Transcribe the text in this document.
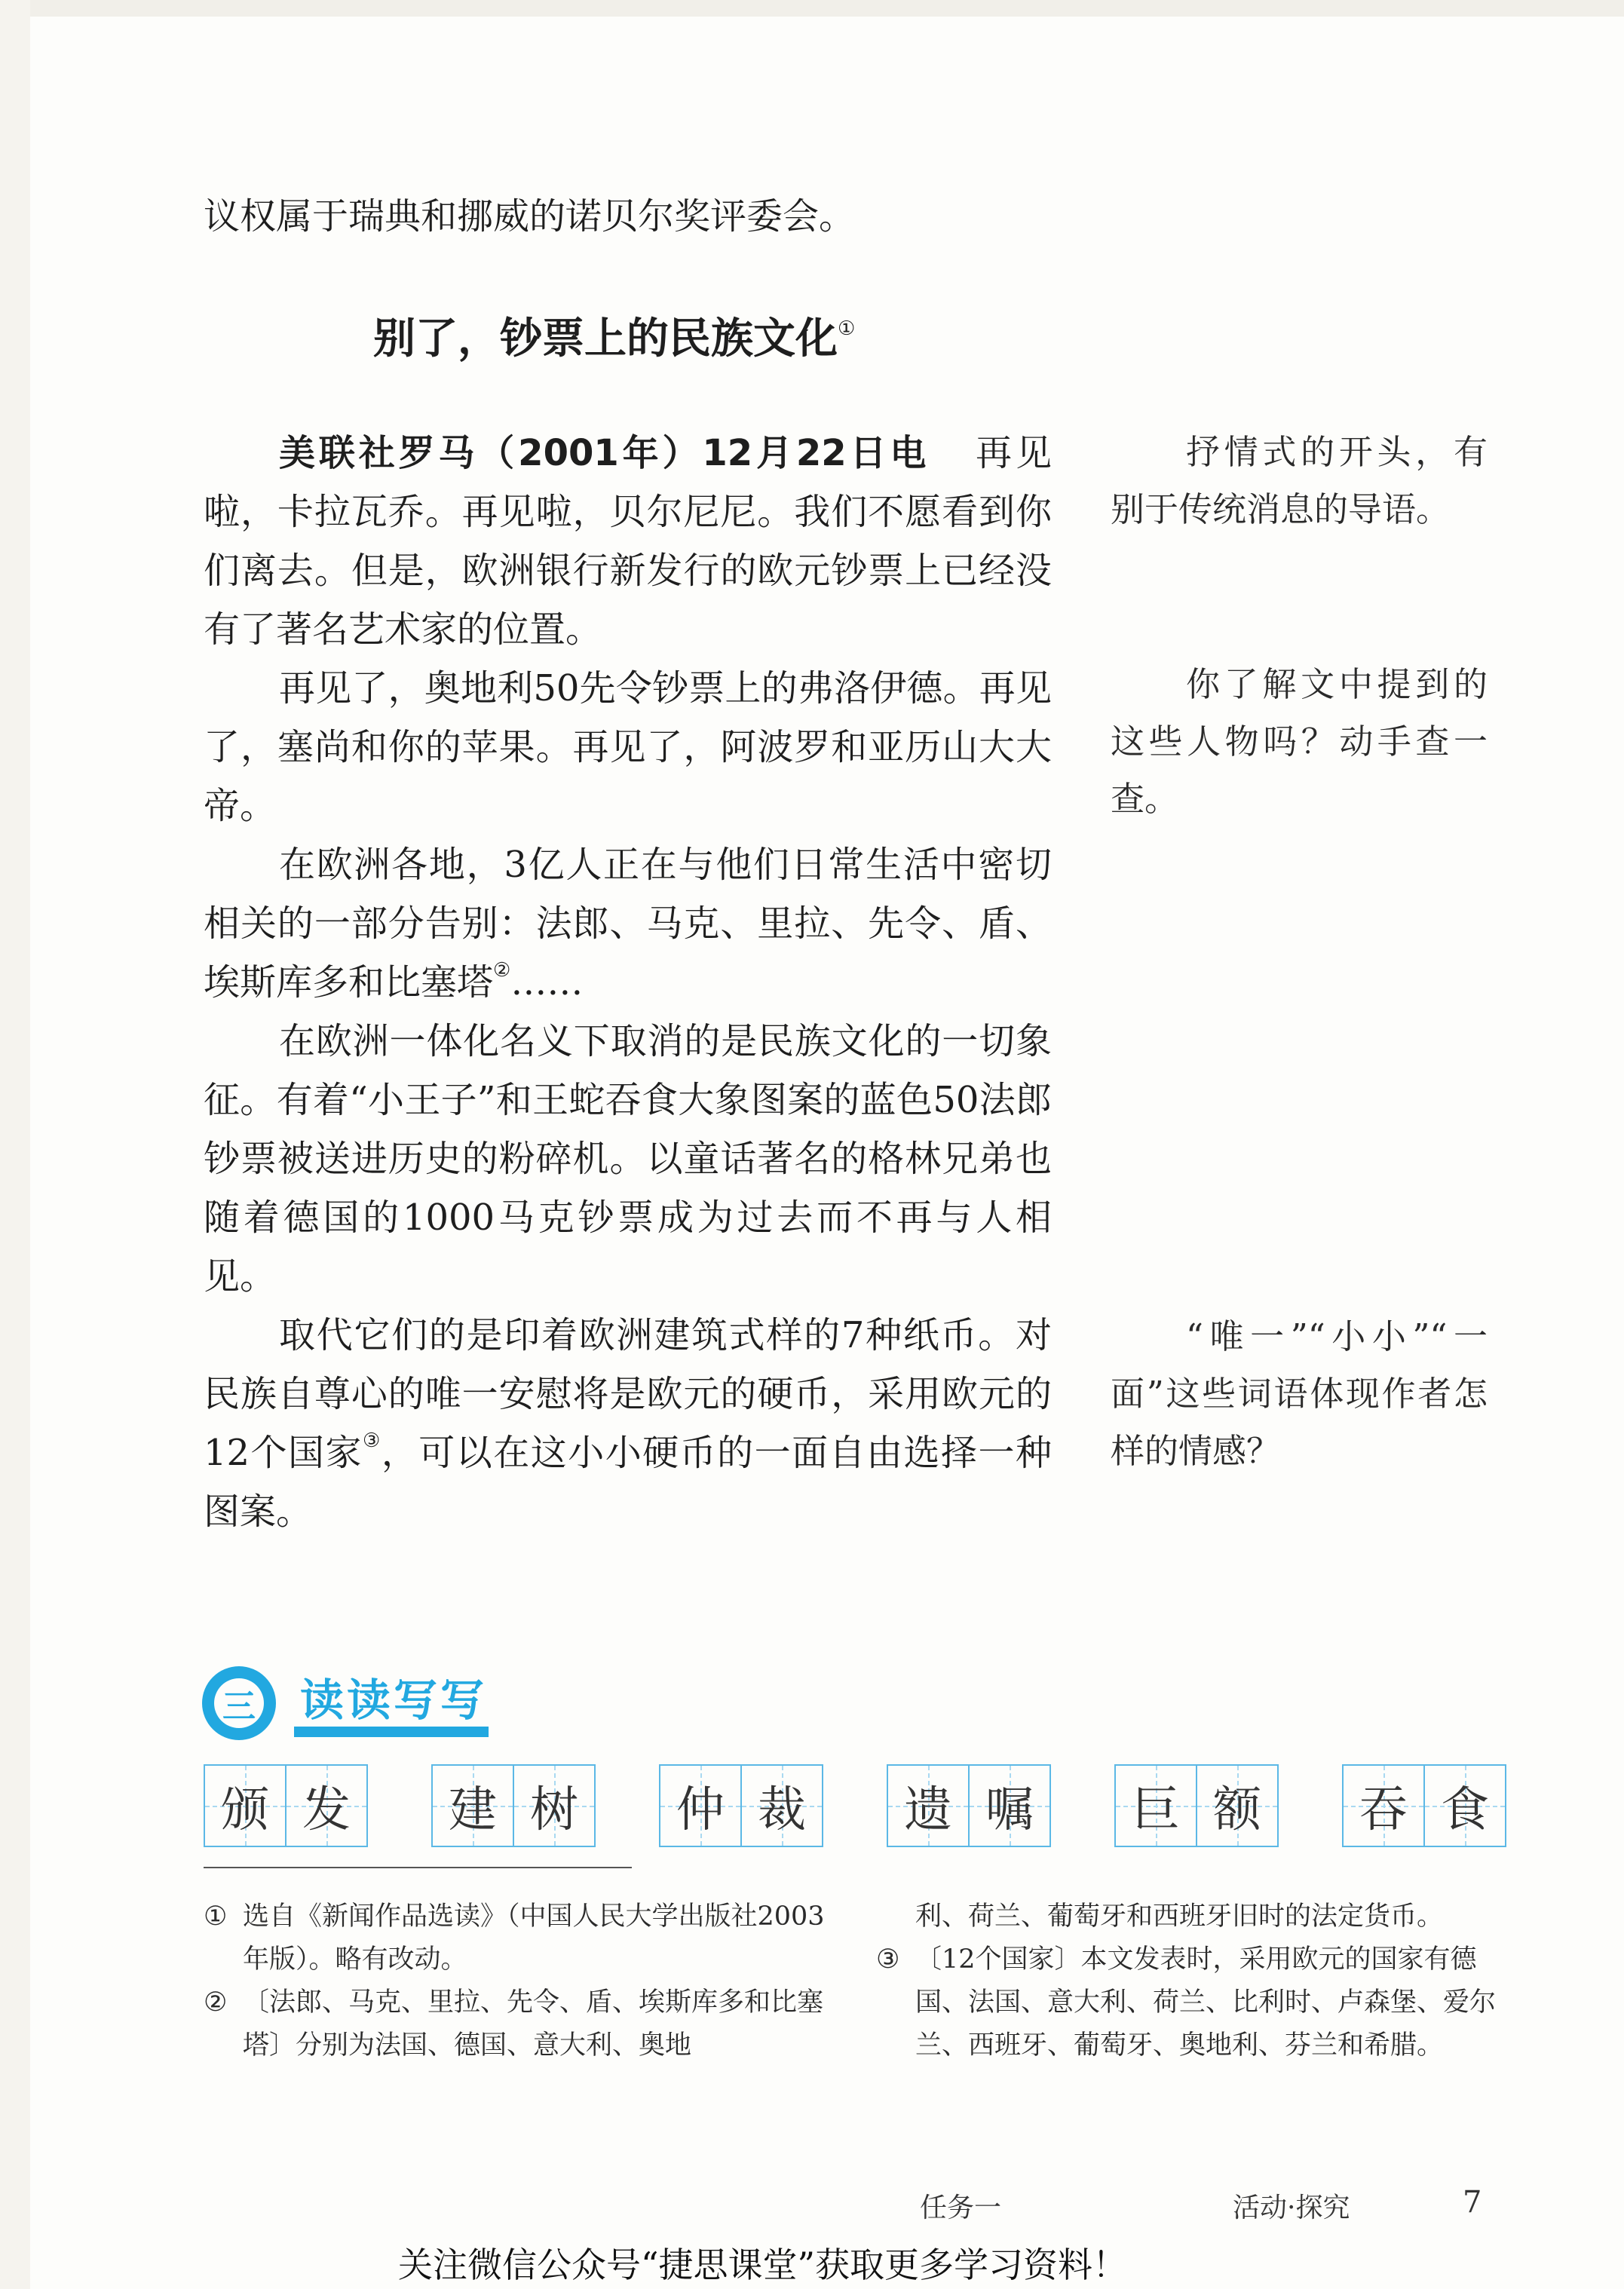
议权属于瑞典和挪威的诺贝尔奖评委会。
别了，钞票上的民族文化①

美联社罗马（2001年）12月22日电 再见啦，卡拉瓦乔。再见啦，贝尔尼尼。我们不愿看到你们离去。但是，欧洲银行新发行的欧元钞票上已经没有了著名艺术家的位置。

再见了，奥地利50先令钞票上的弗洛伊德。再见了，塞尚和你的苹果。再见了，阿波罗和亚历山大大帝。

在欧洲各地，3亿人正在与他们日常生活中密切相关的一部分告别：法郎、马克、里拉、先令、盾、埃斯库多和比塞塔②……

在欧洲一体化名义下取消的是民族文化的一切象征。有着“小王子”和王蛇吞食大象图案的蓝色50法郎钞票被送进历史的粉碎机。以童话著名的格林兄弟也随着德国的1000马克钞票成为过去而不再与人相见。

取代它们的是印着欧洲建筑式样的7种纸币。对民族自尊心的唯一安慰将是欧元的硬币，采用欧元的12个国家③，可以在这小小硬币的一面自由选择一种图案。

抒情式的开头，有别于传统消息的导语。
你了解文中提到的这些人物吗？动手查一查。
“唯一”“小小”“一面”这些词语体现作者怎样的情感？
三 读读写写
颁 发 建 树 仲 裁 遗 嘱 巨 额 吞 食
① 选自《新闻作品选读》（中国人民大学出版社2003年版）。略有改动。
② 〔法郎、马克、里拉、先令、盾、埃斯库多和比塞塔〕分别为法国、德国、意大利、奥地
利、荷兰、葡萄牙和西班牙旧时的法定货币。
③ 〔12个国家〕本文发表时，采用欧元的国家有德国、法国、意大利、荷兰、比利时、卢森堡、爱尔兰、西班牙、葡萄牙、奥地利、芬兰和希腊。
任务一	活动·探究	7
关注微信公众号“捷思课堂”获取更多学习资料！
